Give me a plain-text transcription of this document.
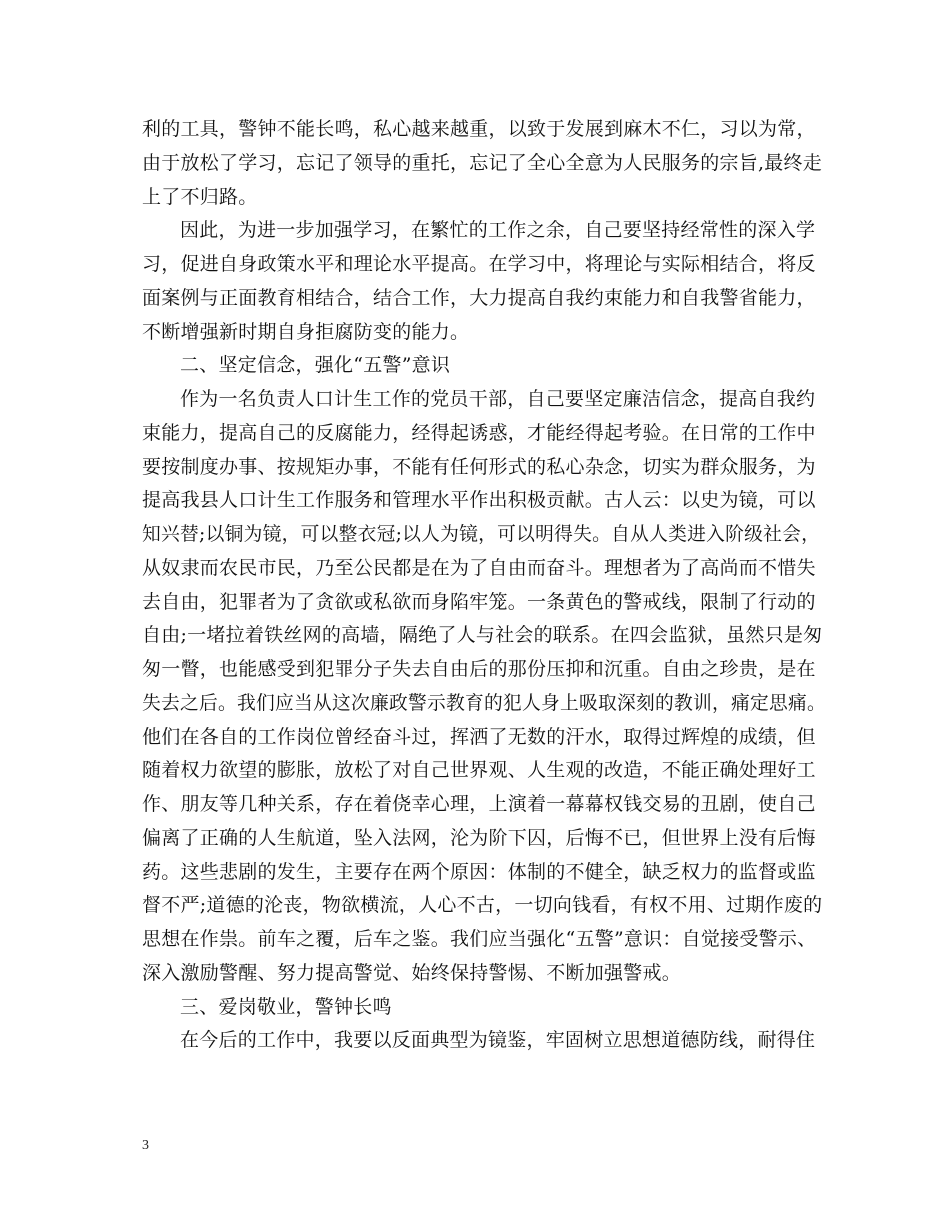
利的工具，警钟不能长鸣，私心越来越重，以致于发展到麻木不仁，习以为常，
由于放松了学习，忘记了领导的重托，忘记了全心全意为人民服务的宗旨,最终走
上了不归路。
因此，为进一步加强学习，在繁忙的工作之余，自己要坚持经常性的深入学
习，促进自身政策水平和理论水平提高。在学习中，将理论与实际相结合，将反
面案例与正面教育相结合，结合工作，大力提高自我约束能力和自我警省能力，
不断增强新时期自身拒腐防变的能力。
二、坚定信念，强化“五警”意识
作为一名负责人口计生工作的党员干部，自己要坚定廉洁信念，提高自我约
束能力，提高自己的反腐能力，经得起诱惑，才能经得起考验。在日常的工作中
要按制度办事、按规矩办事，不能有任何形式的私心杂念，切实为群众服务，为
提高我县人口计生工作服务和管理水平作出积极贡献。古人云：以史为镜，可以
知兴替;以铜为镜，可以整衣冠;以人为镜，可以明得失。自从人类进入阶级社会，
从奴隶而农民市民，乃至公民都是在为了自由而奋斗。理想者为了高尚而不惜失
去自由，犯罪者为了贪欲或私欲而身陷牢笼。一条黄色的警戒线，限制了行动的
自由;一堵拉着铁丝网的高墙，隔绝了人与社会的联系。在四会监狱，虽然只是匆
匆一瞥，也能感受到犯罪分子失去自由后的那份压抑和沉重。自由之珍贵，是在
失去之后。我们应当从这次廉政警示教育的犯人身上吸取深刻的教训，痛定思痛。
他们在各自的工作岗位曾经奋斗过，挥洒了无数的汗水，取得过辉煌的成绩，但
随着权力欲望的膨胀，放松了对自己世界观、人生观的改造，不能正确处理好工
作、朋友等几种关系，存在着侥幸心理，上演着一幕幕权钱交易的丑剧，使自己
偏离了正确的人生航道，坠入法网，沦为阶下囚，后悔不已，但世界上没有后悔
药。这些悲剧的发生，主要存在两个原因：体制的不健全，缺乏权力的监督或监
督不严;道德的沦丧，物欲横流，人心不古，一切向钱看，有权不用、过期作废的
思想在作祟。前车之覆，后车之鉴。我们应当强化“五警”意识：自觉接受警示、
深入激励警醒、努力提高警觉、始终保持警惕、不断加强警戒。
三、爱岗敬业，警钟长鸣
在今后的工作中，我要以反面典型为镜鉴，牢固树立思想道德防线，耐得住
3
